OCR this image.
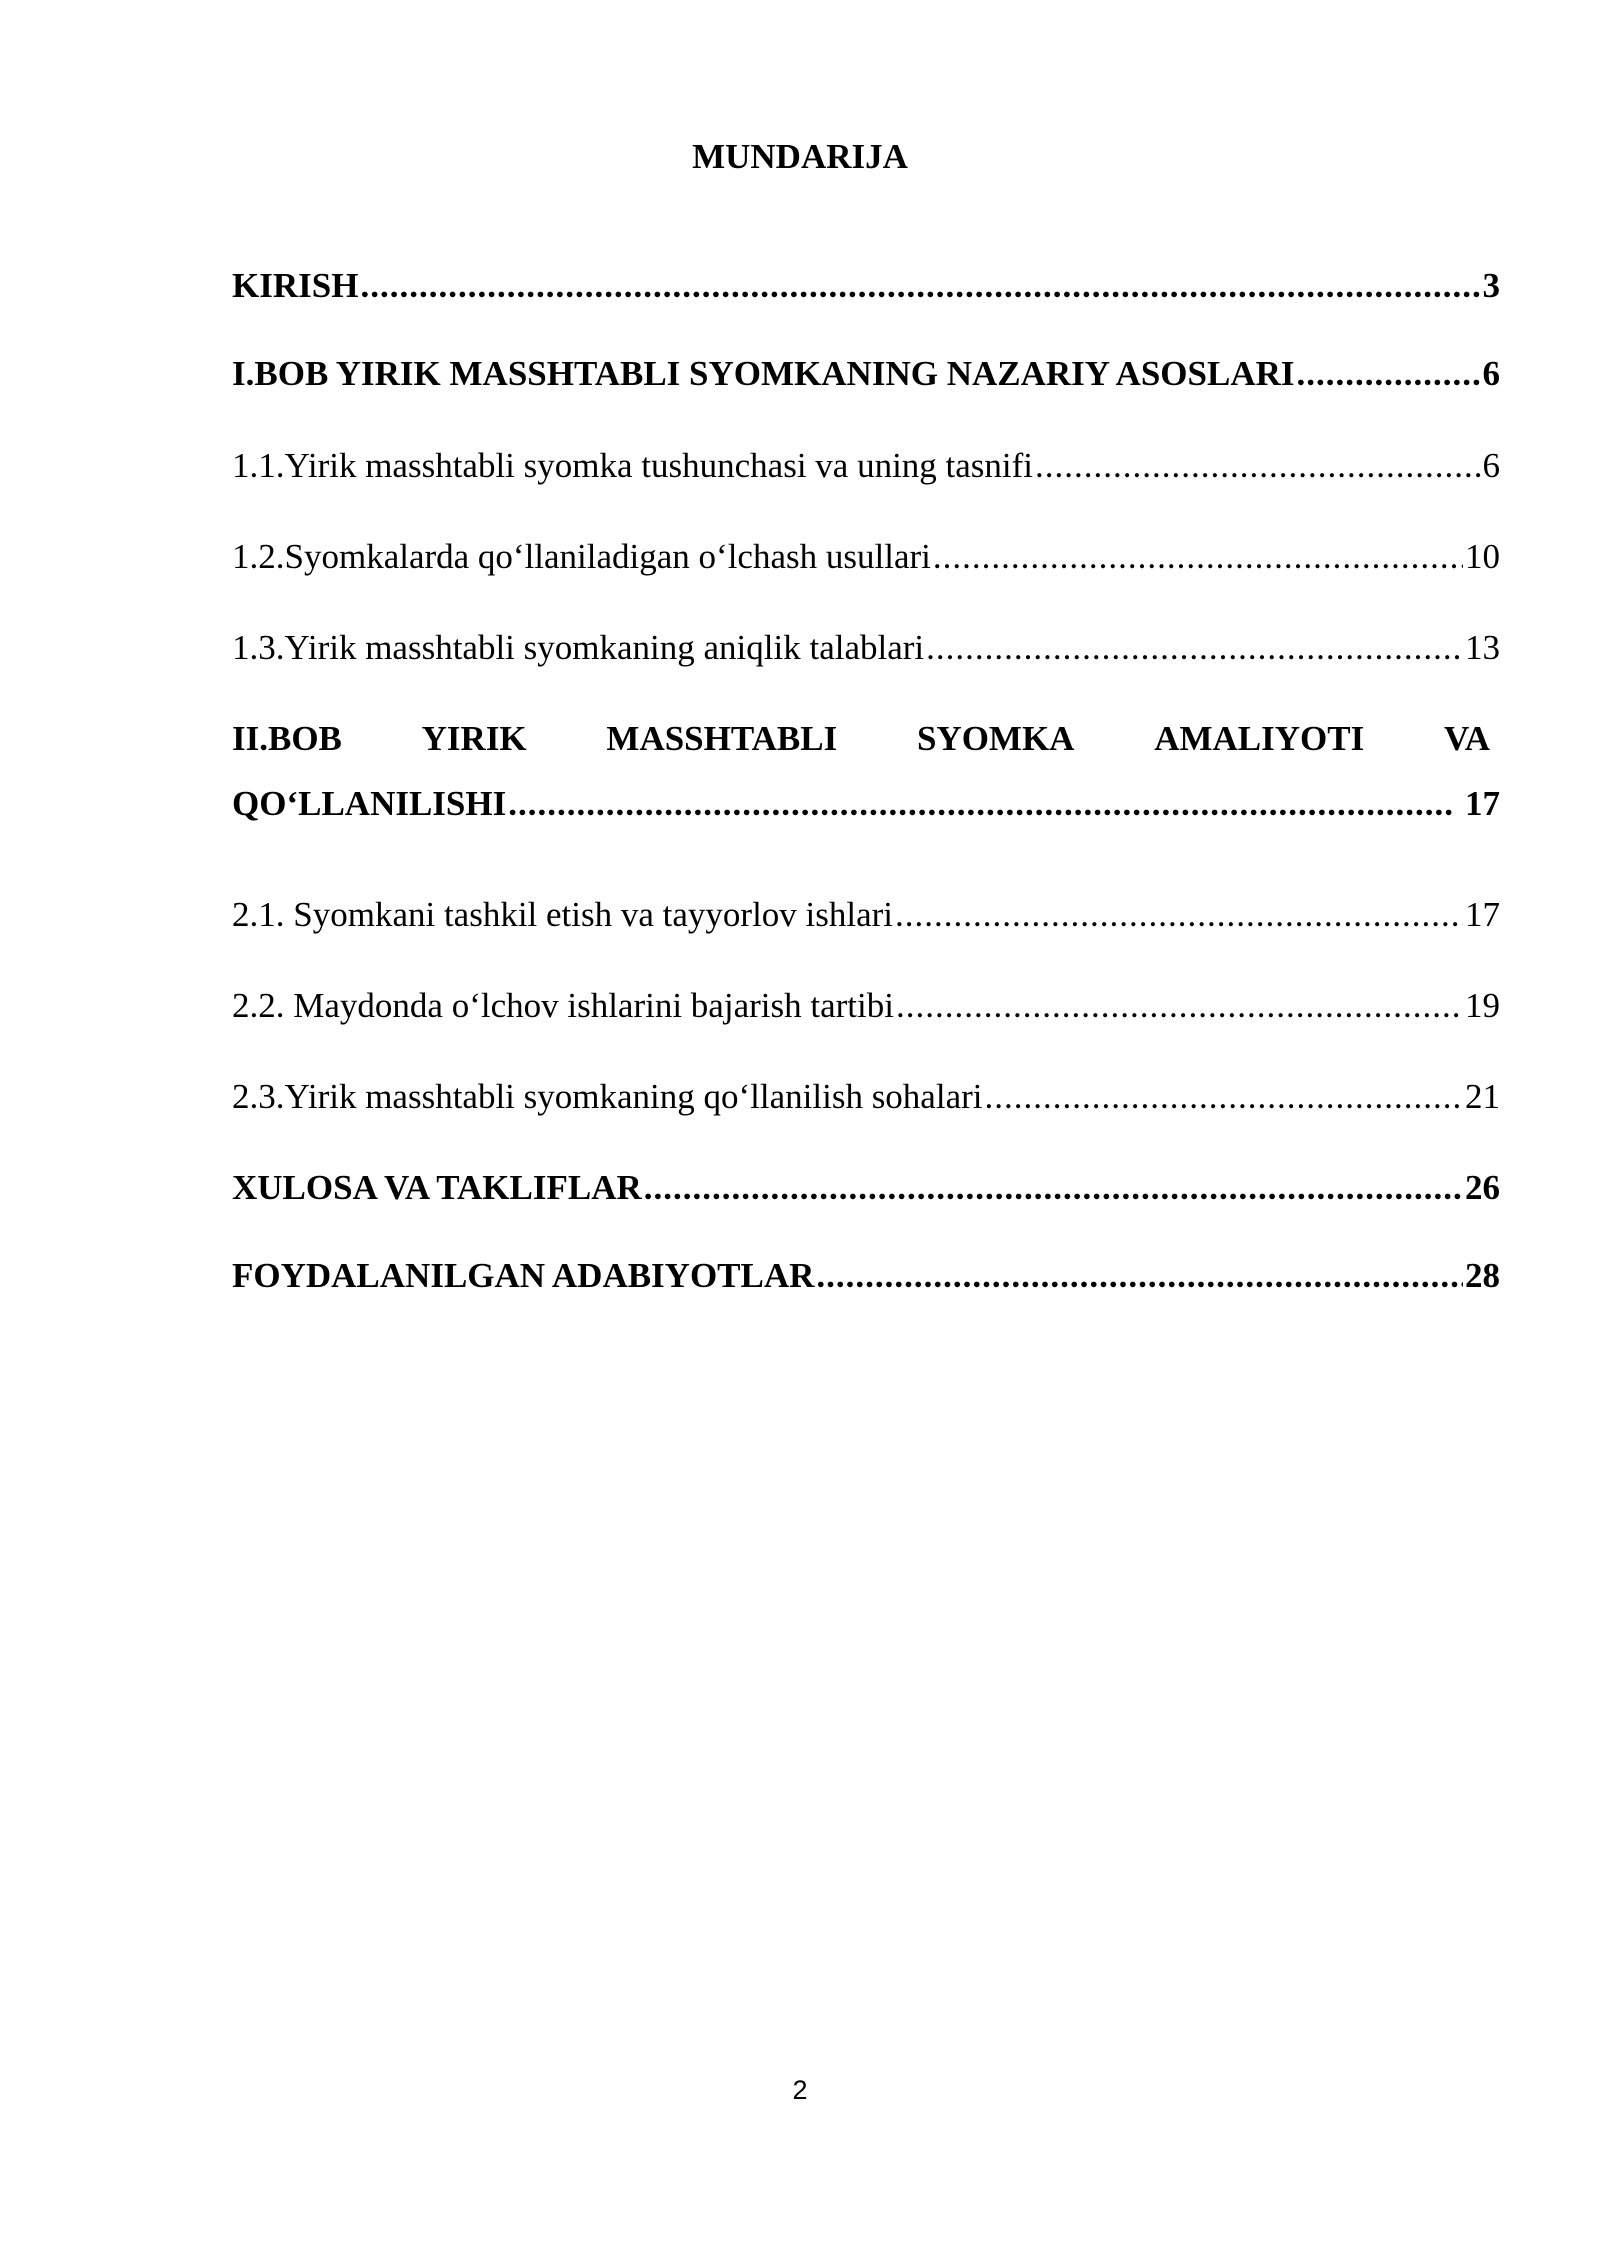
MUNDARIJA
KIRISH .....	3
I.BOB YIRIK MASSHTABLI SYOMKANING NAZARIY ASOSLARI .....	6
1.1.Yirik masshtabli syomka tushunchasi va uning tasnifi .....	6
1.2.Syomkalarda qo‘llaniladigan o‘lchash usullari .....	10
1.3.Yirik masshtabli syomkaning aniqlik talablari .....	13
II.BOB YIRIK MASSHTABLI SYOMKA AMALIYOTI VA
QO‘LLANILISHI .....	17
2.1. Syomkani tashkil etish va tayyorlov ishlari .....	17
2.2. Maydonda o‘lchov ishlarini bajarish tartibi .....	19
2.3.Yirik masshtabli syomkaning qo‘llanilish sohalari .....	21
XULOSA VA TAKLIFLAR .....	26
FOYDALANILGAN ADABIYOTLAR .....	28
2
